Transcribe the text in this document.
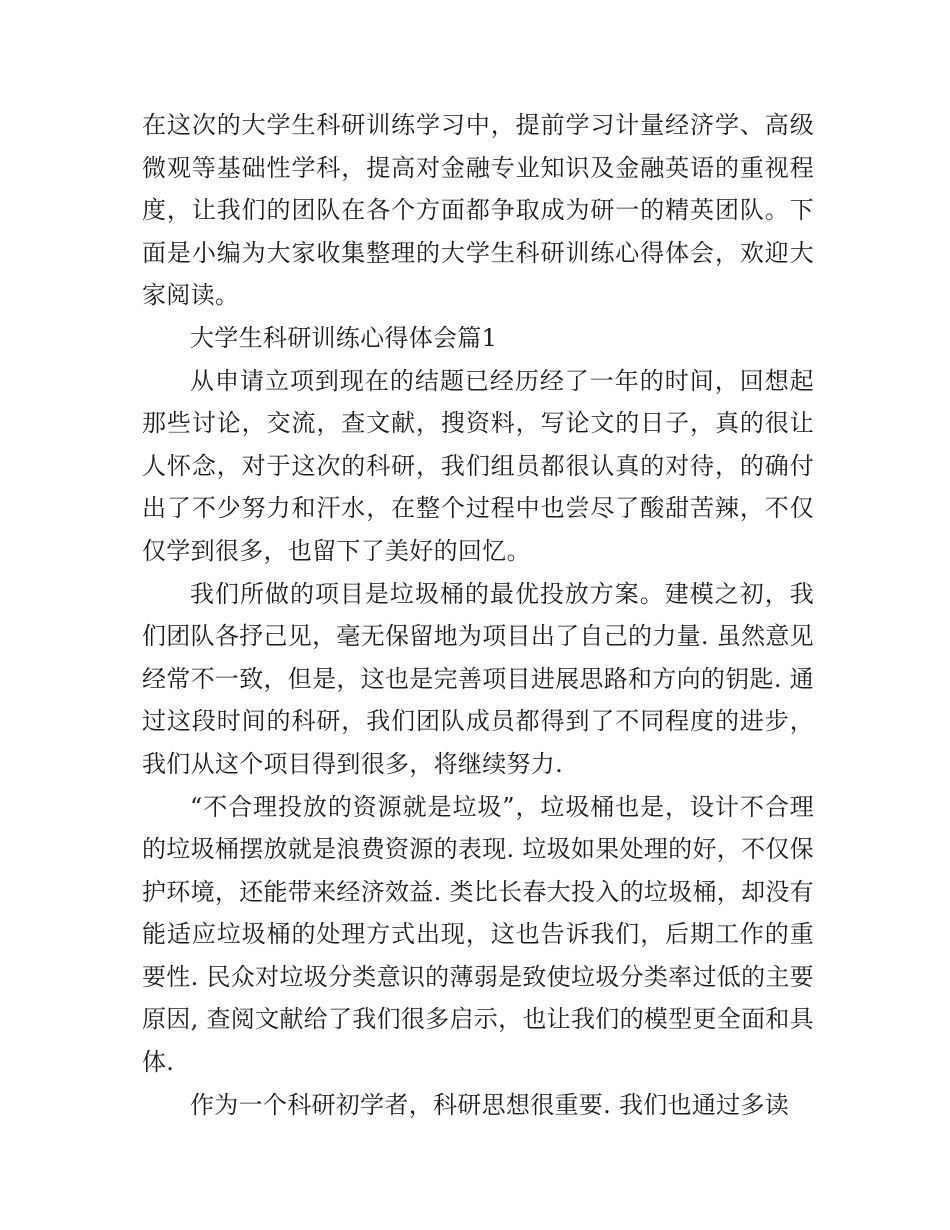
在这次的大学生科研训练学习中，提前学习计量经济学、高级微观等基础性学科，提高对金融专业知识及金融英语的重视程度，让我们的团队在各个方面都争取成为研一的精英团队。下面是小编为大家收集整理的大学生科研训练心得体会，欢迎大家阅读。

大学生科研训练心得体会篇1

从申请立项到现在的结题已经历经了一年的时间，回想起那些讨论，交流，查文献，搜资料，写论文的日子，真的很让人怀念，对于这次的科研，我们组员都很认真的对待，的确付出了不少努力和汗水，在整个过程中也尝尽了酸甜苦辣，不仅仅学到很多，也留下了美好的回忆。

我们所做的项目是垃圾桶的最优投放方案。建模之初，我们团队各抒己见，毫无保留地为项目出了自己的力量. 虽然意见经常不一致，但是，这也是完善项目进展思路和方向的钥匙. 通过这段时间的科研，我们团队成员都得到了不同程度的进步，我们从这个项目得到很多，将继续努力.

“不合理投放的资源就是垃圾”，垃圾桶也是，设计不合理的垃圾桶摆放就是浪费资源的表现. 垃圾如果处理的好，不仅保护环境，还能带来经济效益. 类比长春大投入的垃圾桶，却没有能适应垃圾桶的处理方式出现，这也告诉我们，后期工作的重要性. 民众对垃圾分类意识的薄弱是致使垃圾分类率过低的主要原因, 查阅文献给了我们很多启示，也让我们的模型更全面和具体.

作为一个科研初学者，科研思想很重要. 我们也通过多读
